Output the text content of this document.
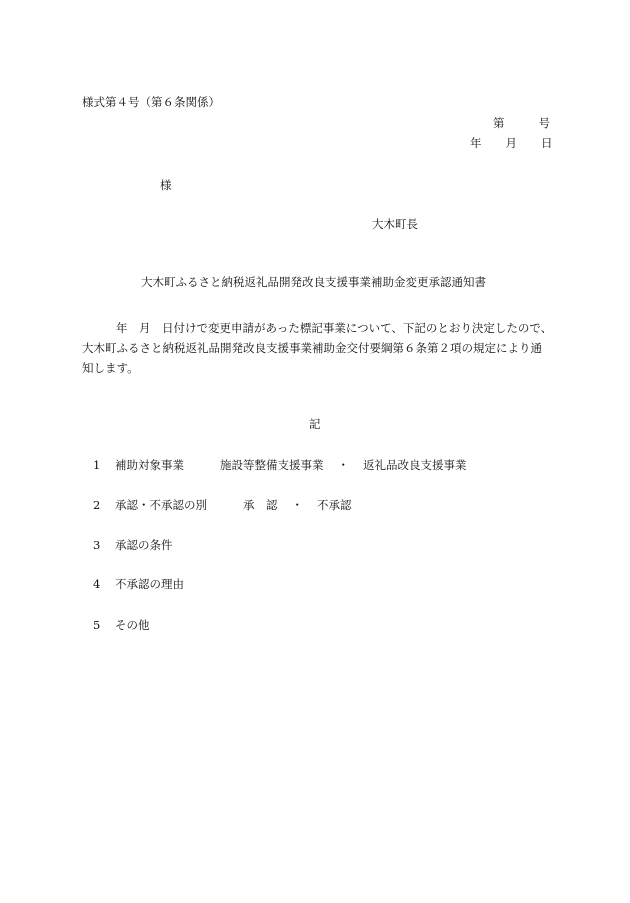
様式第４号（第６条関係）
第	号
年 月 日
様
大木町長
大木町ふるさと納税返礼品開発改良支援事業補助金変更承認通知書
年　月　日付けで変更申請があった標記事業について、下記のとおり決定したので、
大木町ふるさと納税返礼品開発改良支援事業補助金交付要綱第６条第２項の規定により通
知します。
記
1 補助対象事業	施設等整備支援事業 ・ 返礼品改良支援事業
2 承認・不承認の別	承　認 ・ 不承認
3 承認の条件
4 不承認の理由
5 その他
